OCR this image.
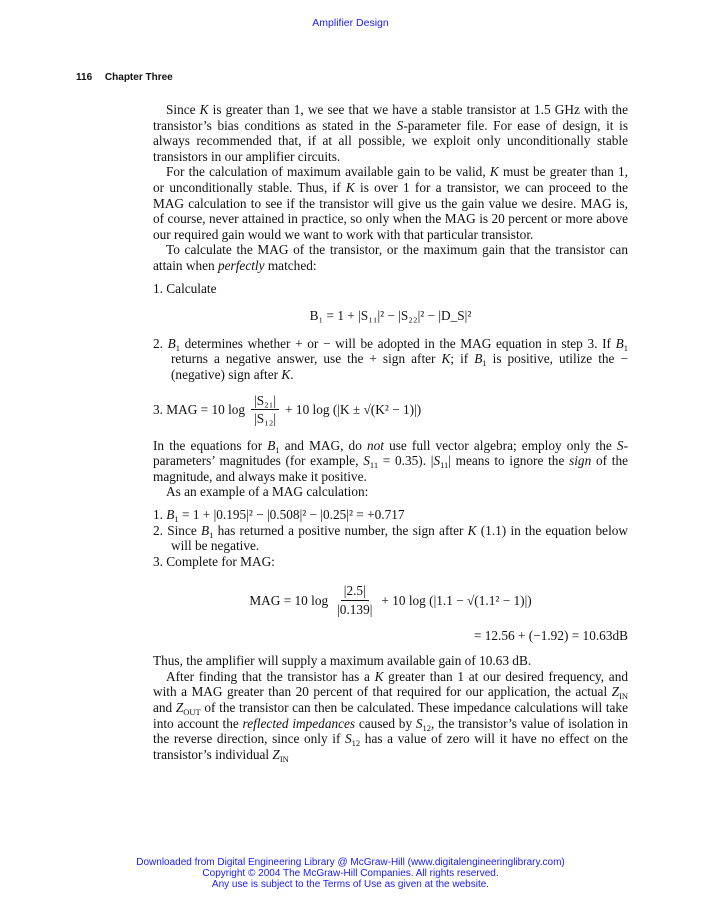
Amplifier Design
116 Chapter Three

Since K is greater than 1, we see that we have a stable transistor at 1.5 GHz with the transistor’s bias conditions as stated in the S-parameter file. For ease of design, it is always recommended that, if at all possible, we exploit only unconditionally stable transistors in our amplifier circuits.

For the calculation of maximum available gain to be valid, K must be greater than 1, or unconditionally stable. Thus, if K is over 1 for a transistor, we can proceed to the MAG calculation to see if the transistor will give us the gain value we desire. MAG is, of course, never attained in practice, so only when the MAG is 20 percent or more above our required gain would we want to work with that particular transistor.

To calculate the MAG of the transistor, or the maximum gain that the transistor can attain when perfectly matched:

1. Calculate

B₁ = 1 + |S₁₁|² − |S₂₂|² − |D_S|²

2. $B_1$ determines whether + or − will be adopted in the MAG equation in step 3. If $B_1$ returns a negative answer, use the + sign after K; if $B_1$ is positive, utilize the − (negative) sign after K.

3. MAG = 10 $\log \frac{\text{|S₂₁|}}{\text{|S₁₂|}} + 10$ log (|K ± √(K² − 1)|)

In the equations for $B_1$ and MAG, do not use full vector algebra; employ only the S-parameters’ magnitudes (for example, $S_{11} = 0.35$). $|S_{11}|$ means to ignore the sign of the magnitude, and always make it positive.

As an example of a MAG calculation:

1. $B_1 = 1 + |0.195|^2 - |0.508|^2 - |0.25|^2 = +0.717$

2. Since $B_1$ has returned a positive number, the sign after K (1.1) in the equation below will be negative.

3. Complete for MAG:

MAG = 10 $\log \frac{|2.5|}{|0.139|} + 10$ log (|1.1 − √(1.1² − 1)|)
= 12.56 + (−1.92) = 10.63dB

Thus, the amplifier will supply a maximum available gain of 10.63 dB.

After finding that the transistor has a K greater than 1 at our desired frequency, and with a MAG greater than 20 percent of that required for our application, the actual $Z_{IN}$ and $Z_{OUT}$ of the transistor can then be calculated. These impedance calculations will take into account the reflected impedances caused by $S_{12}$, the transistor’s value of isolation in the reverse direction, since only if $S_{12}$ has a value of zero will it have no effect on the transistor’s individual $Z_{IN}$

Downloaded from Digital Engineering Library @ McGraw-Hill (www.digitalengineeringlibrary.com)
Copyright © 2004 The McGraw-Hill Companies. All rights reserved.
Any use is subject to the Terms of Use as given at the website.
